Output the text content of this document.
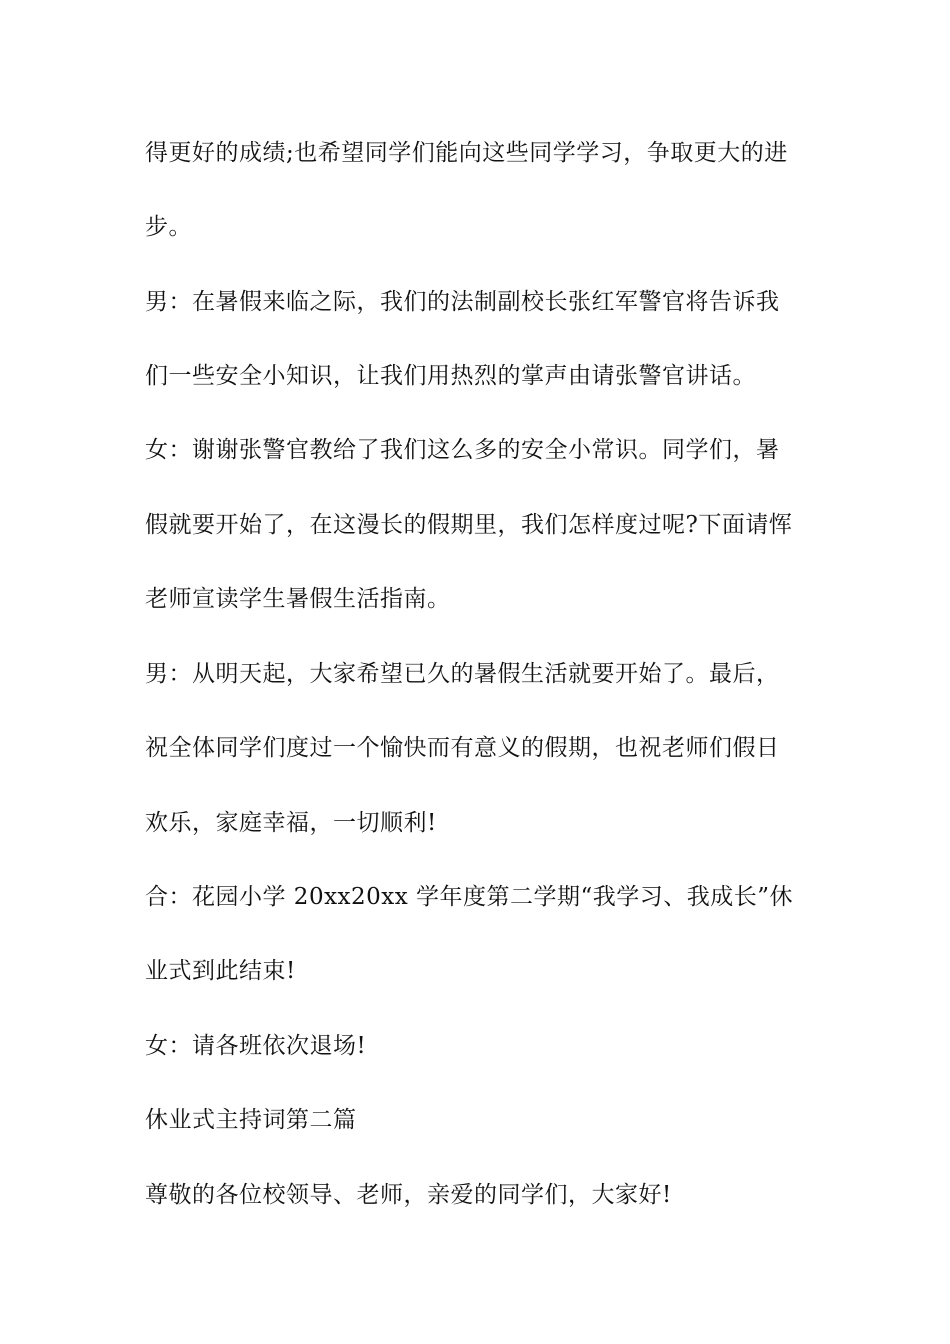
得更好的成绩;也希望同学们能向这些同学学习，争取更大的进
步。
男：在暑假来临之际，我们的法制副校长张红军警官将告诉我
们一些安全小知识，让我们用热烈的掌声由请张警官讲话。
女：谢谢张警官教给了我们这么多的安全小常识。同学们，暑
假就要开始了，在这漫长的假期里，我们怎样度过呢?下面请恽
老师宣读学生暑假生活指南。
男：从明天起，大家希望已久的暑假生活就要开始了。最后，
祝全体同学们度过一个愉快而有意义的假期，也祝老师们假日
欢乐，家庭幸福，一切顺利!
合：花园小学 20xx20xx 学年度第二学期“我学习、我成长”休
业式到此结束!
女：请各班依次退场!
休业式主持词第二篇
尊敬的各位校领导、老师，亲爱的同学们，大家好!
